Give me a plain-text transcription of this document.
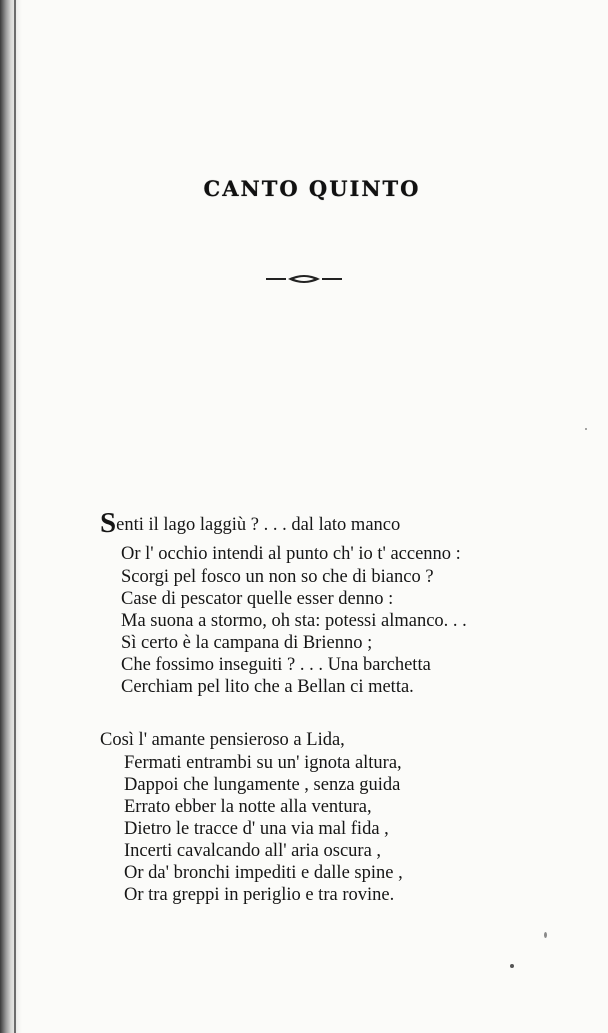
CANTO QUINTO
Senti il lago laggiù ? . . . dal lato manco
Or l' occhio intendi al punto ch' io t' accenno :
Scorgi pel fosco un non so che di bianco ?
Case di pescator quelle esser denno :
Ma suona a stormo, oh sta: potessi almanco. . .
Sì certo è la campana di Brienno ;
Che fossimo inseguiti ? . . . Una barchetta
Cerchiam pel lito che a Bellan ci metta.
Così l' amante pensieroso a Lida,
Fermati entrambi su un' ignota altura,
Dappoi che lungamente , senza guida
Errato ebber la notte alla ventura,
Dietro le tracce d' una via mal fida ,
Incerti cavalcando all' aria oscura ,
Or da' bronchi impediti e dalle spine ,
Or tra greppi in periglio e tra rovine.
